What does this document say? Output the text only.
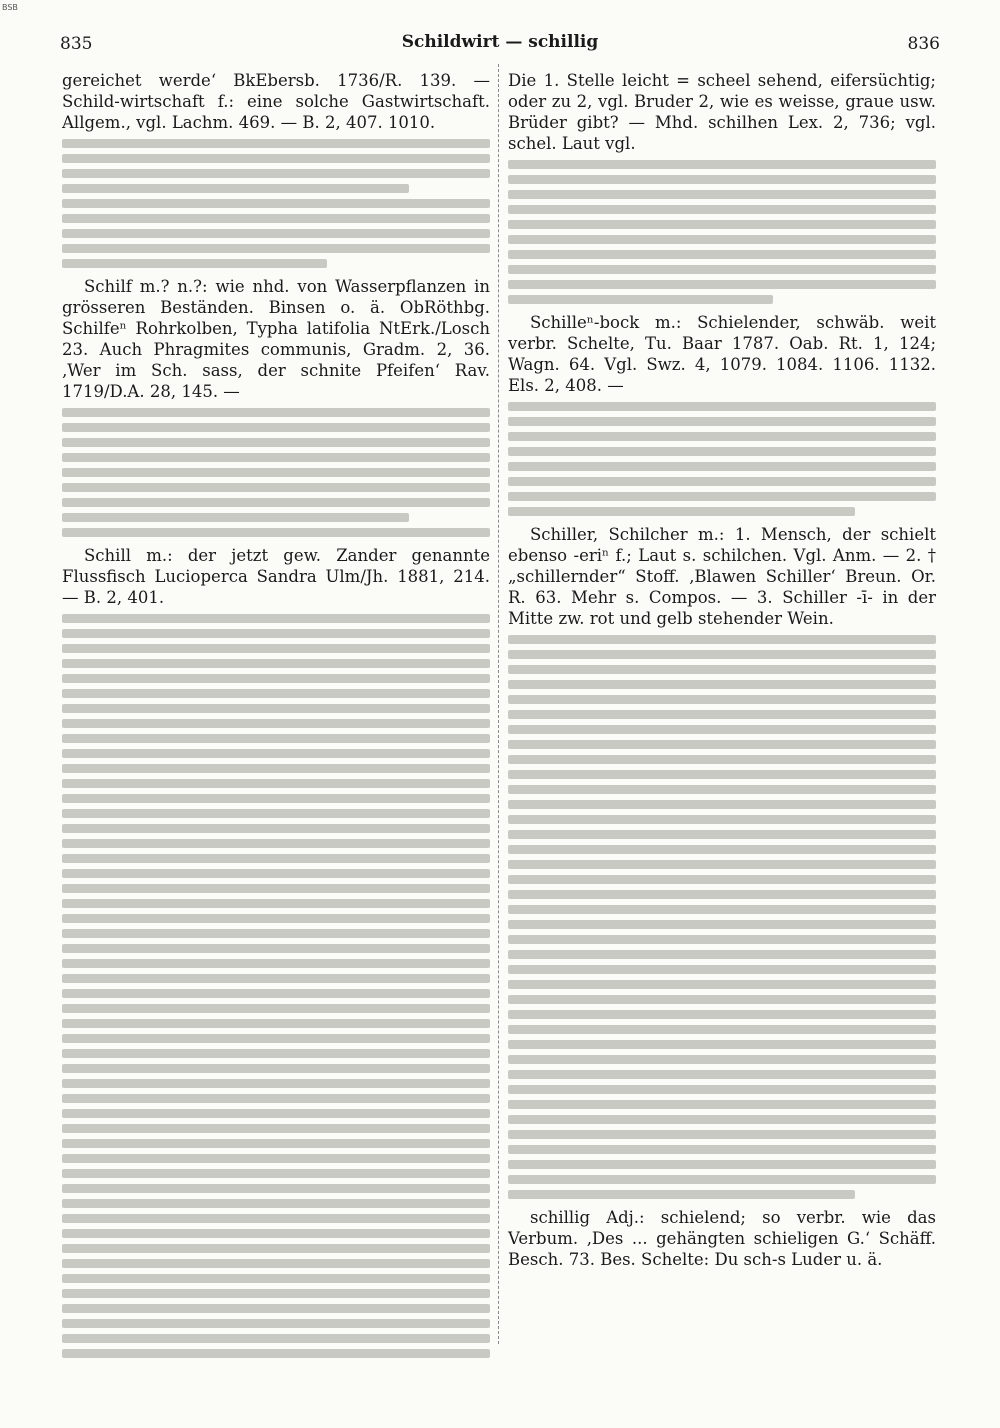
BSB
835	Schildwirt — schillig	836

gereichet werde‘ BkEbersb. 1736/R. 139. — Schild-wirtschaft f.: eine solche Gastwirtschaft. Allgem., vgl. Lachm. 469. — B. 2, 407. 1010.

Schilf m.? n.?: wie nhd. von Wasserpflanzen in grösseren Beständen. Binsen o. ä. ObRöthbg. Schilfeⁿ Rohrkolben, Typha latifolia NtErk./Losch 23. Auch Phragmites communis, Gradm. 2, 36. ‚Wer im Sch. sass, der schnite Pfeifen‘ Rav. 1719/D.A. 28, 145. —

Schill m.: der jetzt gew. Zander genannte Flussfisch Lucioperca Sandra Ulm/Jh. 1881, 214. — B. 2, 401.

Die 1. Stelle leicht = scheel sehend, eifersüchtig; oder zu 2, vgl. Bruder 2, wie es weisse, graue usw. Brüder gibt? — Mhd. schilhen Lex. 2, 736; vgl. schel. Laut vgl.

Schilleⁿ-bock m.: Schielender, schwäb. weit verbr. Schelte, Tu. Baar 1787. Oab. Rt. 1, 124; Wagn. 64. Vgl. Swz. 4, 1079. 1084. 1106. 1132. Els. 2, 408. —

Schiller, Schilcher m.: 1. Mensch, der schielt ebenso -eriⁿ f.; Laut s. schilchen. Vgl. Anm. — 2. † „schillernder“ Stoff. ‚Blawen Schiller‘ Breun. Or. R. 63. Mehr s. Compos. — 3. Schiller -ī- in der Mitte zw. rot und gelb stehender Wein.

schillig Adj.: schielend; so verbr. wie das Verbum. ‚Des ... gehängten schieligen G.‘ Schäff. Besch. 73. Bes. Schelte: Du sch-s Luder u. ä.
